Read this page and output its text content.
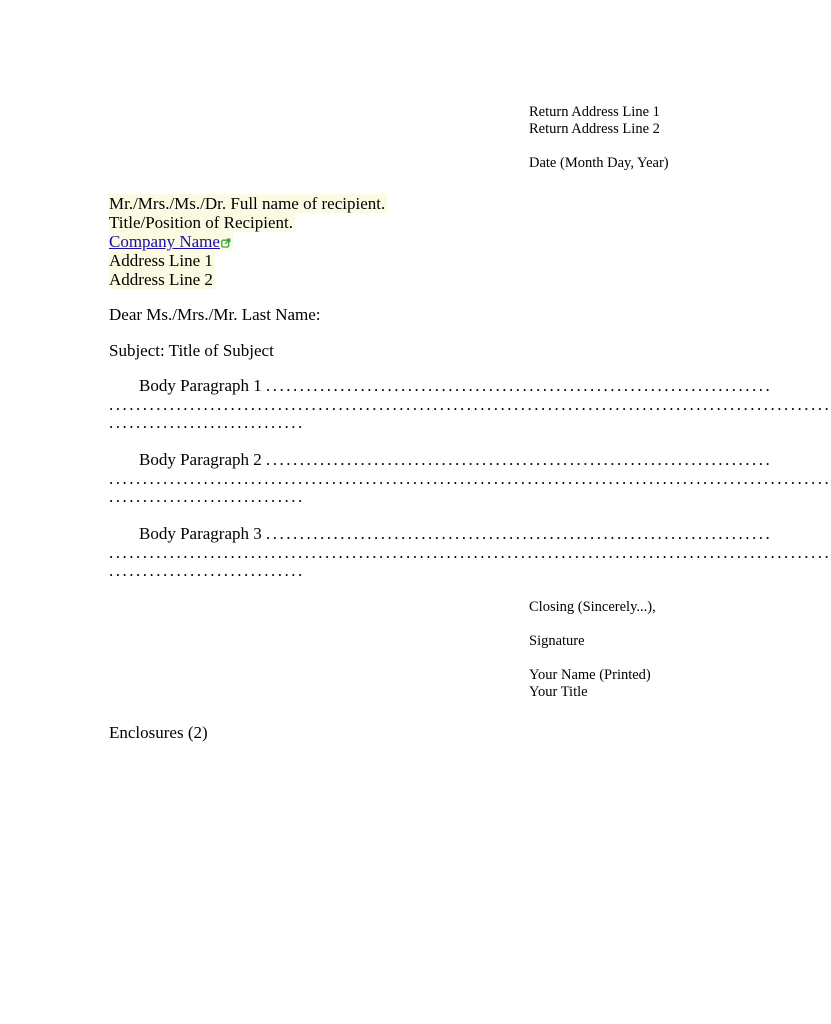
Return Address Line 1
Return Address Line 2
Date (Month Day, Year)
Mr./Mrs./Ms./Dr. Full name of recipient.
Title/Position of Recipient.
Company Name
Address Line 1
Address Line 2
Dear Ms./Mrs./Mr. Last Name:
Subject: Title of Subject
Body Paragraph 1 ...........................................................................
...........................................................................................................
.............................
Body Paragraph 2 ...........................................................................
...........................................................................................................
.............................
Body Paragraph 3 ...........................................................................
...........................................................................................................
.............................
Closing (Sincerely...),
Signature
Your Name (Printed)
Your Title
Enclosures (2)
